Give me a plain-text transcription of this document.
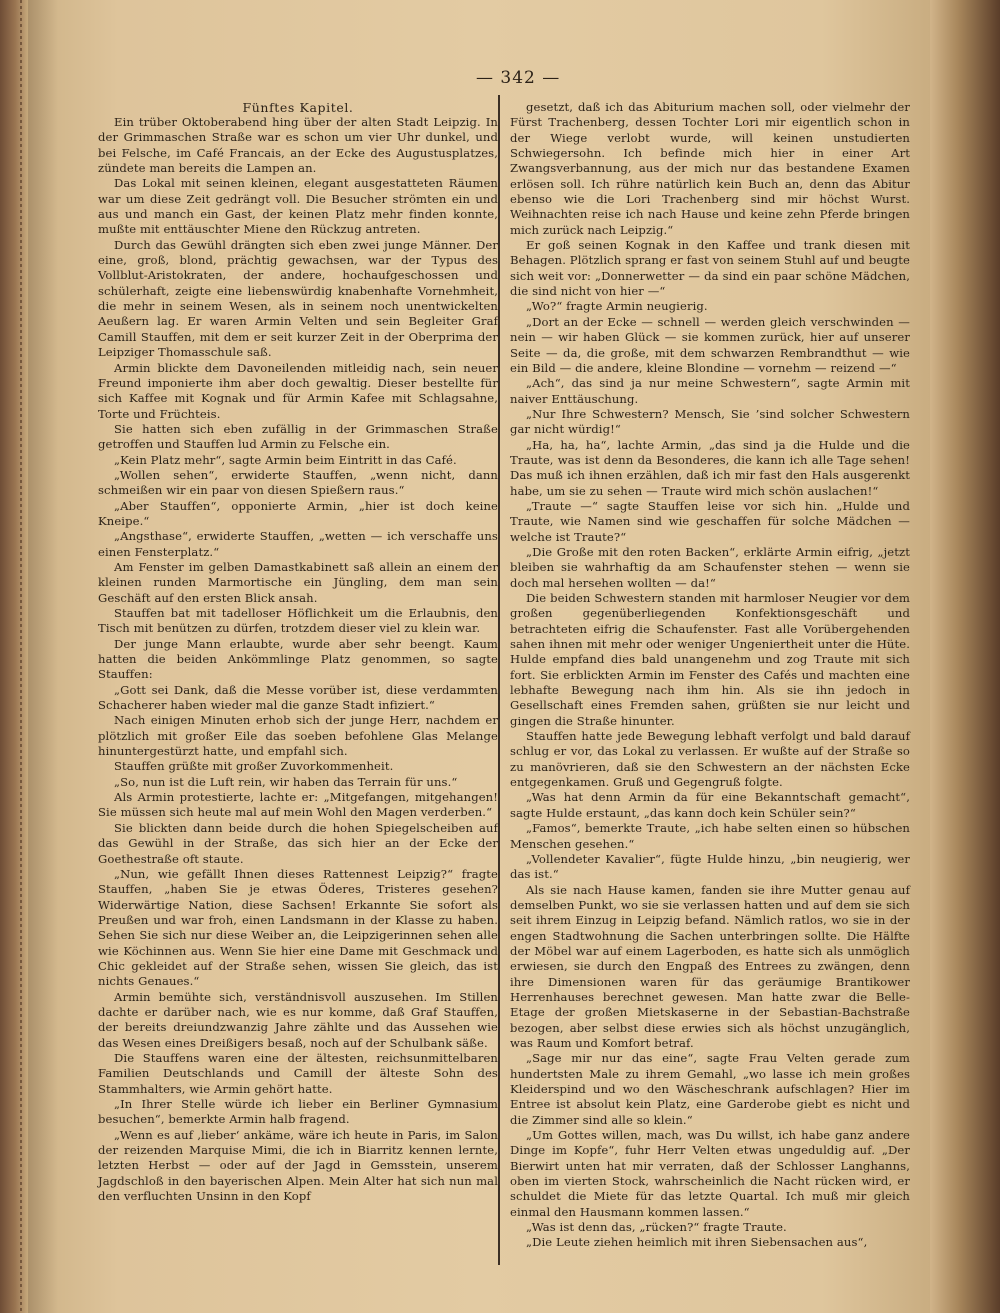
— 342 —
Fünftes Kapitel.

Ein trüber Oktoberabend hing über der alten Stadt Leipzig. In der Grimmaschen Straße war es schon um vier Uhr dunkel, und bei Felsche, im Café Francais, an der Ecke des Augustusplatzes, zündete man bereits die Lampen an.

Das Lokal mit seinen kleinen, elegant ausgestatteten Räumen war um diese Zeit gedrängt voll. Die Besucher strömten ein und aus und manch ein Gast, der keinen Platz mehr finden konnte, mußte mit enttäuschter Miene den Rückzug antreten.

Durch das Gewühl drängten sich eben zwei junge Männer. Der eine, groß, blond, prächtig gewachsen, war der Typus des Vollblut-Aristokraten, der andere, hochaufgeschossen und schülerhaft, zeigte eine liebenswürdig knabenhafte Vornehmheit, die mehr in seinem Wesen, als in seinem noch unentwickelten Aeußern lag. Er waren Armin Velten und sein Begleiter Graf Camill Stauffen, mit dem er seit kurzer Zeit in der Oberprima der Leipziger Thomasschule saß.

Armin blickte dem Davoneilenden mitleidig nach, sein neuer Freund imponierte ihm aber doch gewaltig. Dieser bestellte für sich Kaffee mit Kognak und für Armin Kafee mit Schlagsahne, Torte und Früchteis.

Sie hatten sich eben zufällig in der Grimmaschen Straße getroffen und Stauffen lud Armin zu Felsche ein.

„Kein Platz mehr“, sagte Armin beim Eintritt in das Café.

„Wollen sehen“, erwiderte Stauffen, „wenn nicht, dann schmeißen wir ein paar von diesen Spießern raus.“

„Aber Stauffen“, opponierte Armin, „hier ist doch keine Kneipe.“

„Angsthase“, erwiderte Stauffen, „wetten — ich verschaffe uns einen Fensterplatz.“

Am Fenster im gelben Damastkabinett saß allein an einem der kleinen runden Marmortische ein Jüngling, dem man sein Geschäft auf den ersten Blick ansah.

Stauffen bat mit tadelloser Höflichkeit um die Erlaubnis, den Tisch mit benützen zu dürfen, trotzdem dieser viel zu klein war.

Der junge Mann erlaubte, wurde aber sehr beengt. Kaum hatten die beiden Ankömmlinge Platz genommen, so sagte Stauffen:

„Gott sei Dank, daß die Messe vorüber ist, diese verdammten Schacherer haben wieder mal die ganze Stadt infiziert.“

Nach einigen Minuten erhob sich der junge Herr, nachdem er plötzlich mit großer Eile das soeben befohlene Glas Melange hinuntergestürzt hatte, und empfahl sich.

Stauffen grüßte mit großer Zuvorkommenheit.

„So, nun ist die Luft rein, wir haben das Terrain für uns.“

Als Armin protestierte, lachte er: „Mitgefangen, mitgehangen! Sie müssen sich heute mal auf mein Wohl den Magen verderben.“

Sie blickten dann beide durch die hohen Spiegelscheiben auf das Gewühl in der Straße, das sich hier an der Ecke der Goethestraße oft staute.

„Nun, wie gefällt Ihnen dieses Rattennest Leipzig?“ fragte Stauffen, „haben Sie je etwas Öderes, Tristeres gesehen? Widerwärtige Nation, diese Sachsen! Erkannte Sie sofort als Preußen und war froh, einen Landsmann in der Klasse zu haben. Sehen Sie sich nur diese Weiber an, die Leipzigerinnen sehen alle wie Köchinnen aus. Wenn Sie hier eine Dame mit Geschmack und Chic gekleidet auf der Straße sehen, wissen Sie gleich, das ist nichts Genaues.“

Armin bemühte sich, verständnisvoll auszusehen. Im Stillen dachte er darüber nach, wie es nur komme, daß Graf Stauffen, der bereits dreiundzwanzig Jahre zählte und das Aussehen wie das Wesen eines Dreißigers besaß, noch auf der Schulbank säße.

Die Stauffens waren eine der ältesten, reichsunmittelbaren Familien Deutschlands und Camill der älteste Sohn des Stammhalters, wie Armin gehört hatte.

„In Ihrer Stelle würde ich lieber ein Berliner Gymnasium besuchen“, bemerkte Armin halb fragend.

„Wenn es auf ‚lieber‘ ankäme, wäre ich heute in Paris, im Salon der reizenden Marquise Mimi, die ich in Biarritz kennen lernte, letzten Herbst — oder auf der Jagd in Gemsstein, unserem Jagdschloß in den bayerischen Alpen. Mein Alter hat sich nun mal den verfluchten Unsinn in den Kopf

gesetzt, daß ich das Abiturium machen soll, oder vielmehr der Fürst Trachenberg, dessen Tochter Lori mir eigentlich schon in der Wiege verlobt wurde, will keinen unstudierten Schwiegersohn. Ich befinde mich hier in einer Art Zwangsverbannung, aus der mich nur das bestandene Examen erlösen soll. Ich rühre natürlich kein Buch an, denn das Abitur ebenso wie die Lori Trachenberg sind mir höchst Wurst. Weihnachten reise ich nach Hause und keine zehn Pferde bringen mich zurück nach Leipzig.“

Er goß seinen Kognak in den Kaffee und trank diesen mit Behagen. Plötzlich sprang er fast von seinem Stuhl auf und beugte sich weit vor: „Donnerwetter — da sind ein paar schöne Mädchen, die sind nicht von hier —“

„Wo?“ fragte Armin neugierig.

„Dort an der Ecke — schnell — werden gleich verschwinden — nein — wir haben Glück — sie kommen zurück, hier auf unserer Seite — da, die große, mit dem schwarzen Rembrandthut — wie ein Bild — die andere, kleine Blondine — vornehm — reizend —“

„Ach“, das sind ja nur meine Schwestern“, sagte Armin mit naiver Enttäuschung.

„Nur Ihre Schwestern? Mensch, Sie ’sind solcher Schwestern gar nicht würdig!“

„Ha, ha, ha“, lachte Armin, „das sind ja die Hulde und die Traute, was ist denn da Besonderes, die kann ich alle Tage sehen! Das muß ich ihnen erzählen, daß ich mir fast den Hals ausgerenkt habe, um sie zu sehen — Traute wird mich schön auslachen!“

„Traute —“ sagte Stauffen leise vor sich hin. „Hulde und Traute, wie Namen sind wie geschaffen für solche Mädchen — welche ist Traute?“

„Die Große mit den roten Backen“, erklärte Armin eifrig, „jetzt bleiben sie wahrhaftig da am Schaufenster stehen — wenn sie doch mal hersehen wollten — da!“

Die beiden Schwestern standen mit harmloser Neugier vor dem großen gegenüberliegenden Konfektionsgeschäft und betrachteten eifrig die Schaufenster. Fast alle Vorübergehenden sahen ihnen mit mehr oder weniger Ungeniertheit unter die Hüte. Hulde empfand dies bald unangenehm und zog Traute mit sich fort. Sie erblickten Armin im Fenster des Cafés und machten eine lebhafte Bewegung nach ihm hin. Als sie ihn jedoch in Gesellschaft eines Fremden sahen, grüßten sie nur leicht und gingen die Straße hinunter.

Stauffen hatte jede Bewegung lebhaft verfolgt und bald darauf schlug er vor, das Lokal zu verlassen. Er wußte auf der Straße so zu manövrieren, daß sie den Schwestern an der nächsten Ecke entgegenkamen. Gruß und Gegengruß folgte.

„Was hat denn Armin da für eine Bekanntschaft gemacht“, sagte Hulde erstaunt, „das kann doch kein Schüler sein?“

„Famos“, bemerkte Traute, „ich habe selten einen so hübschen Menschen gesehen.“

„Vollendeter Kavalier“, fügte Hulde hinzu, „bin neugierig, wer das ist.“

Als sie nach Hause kamen, fanden sie ihre Mutter genau auf demselben Punkt, wo sie sie verlassen hatten und auf dem sie sich seit ihrem Einzug in Leipzig befand. Nämlich ratlos, wo sie in der engen Stadtwohnung die Sachen unterbringen sollte. Die Hälfte der Möbel war auf einem Lagerboden, es hatte sich als unmöglich erwiesen, sie durch den Engpaß des Entrees zu zwängen, denn ihre Dimensionen waren für das geräumige Brantikower Herrenhauses berechnet gewesen. Man hatte zwar die Belle-Etage der großen Mietskaserne in der Sebastian-Bachstraße bezogen, aber selbst diese erwies sich als höchst unzugänglich, was Raum und Komfort betraf.

„Sage mir nur das eine“, sagte Frau Velten gerade zum hundertsten Male zu ihrem Gemahl, „wo lasse ich mein großes Kleiderspind und wo den Wäscheschrank aufschlagen? Hier im Entree ist absolut kein Platz, eine Garderobe giebt es nicht und die Zimmer sind alle so klein.“

„Um Gottes willen, mach, was Du willst, ich habe ganz andere Dinge im Kopfe“, fuhr Herr Velten etwas ungeduldig auf. „Der Bierwirt unten hat mir verraten, daß der Schlosser Langhanns, oben im vierten Stock, wahrscheinlich die Nacht rücken wird, er schuldet die Miete für das letzte Quartal. Ich muß mir gleich einmal den Hausmann kommen lassen.“

„Was ist denn das, „rücken?“ fragte Traute.

„Die Leute ziehen heimlich mit ihren Siebensachen aus“,
